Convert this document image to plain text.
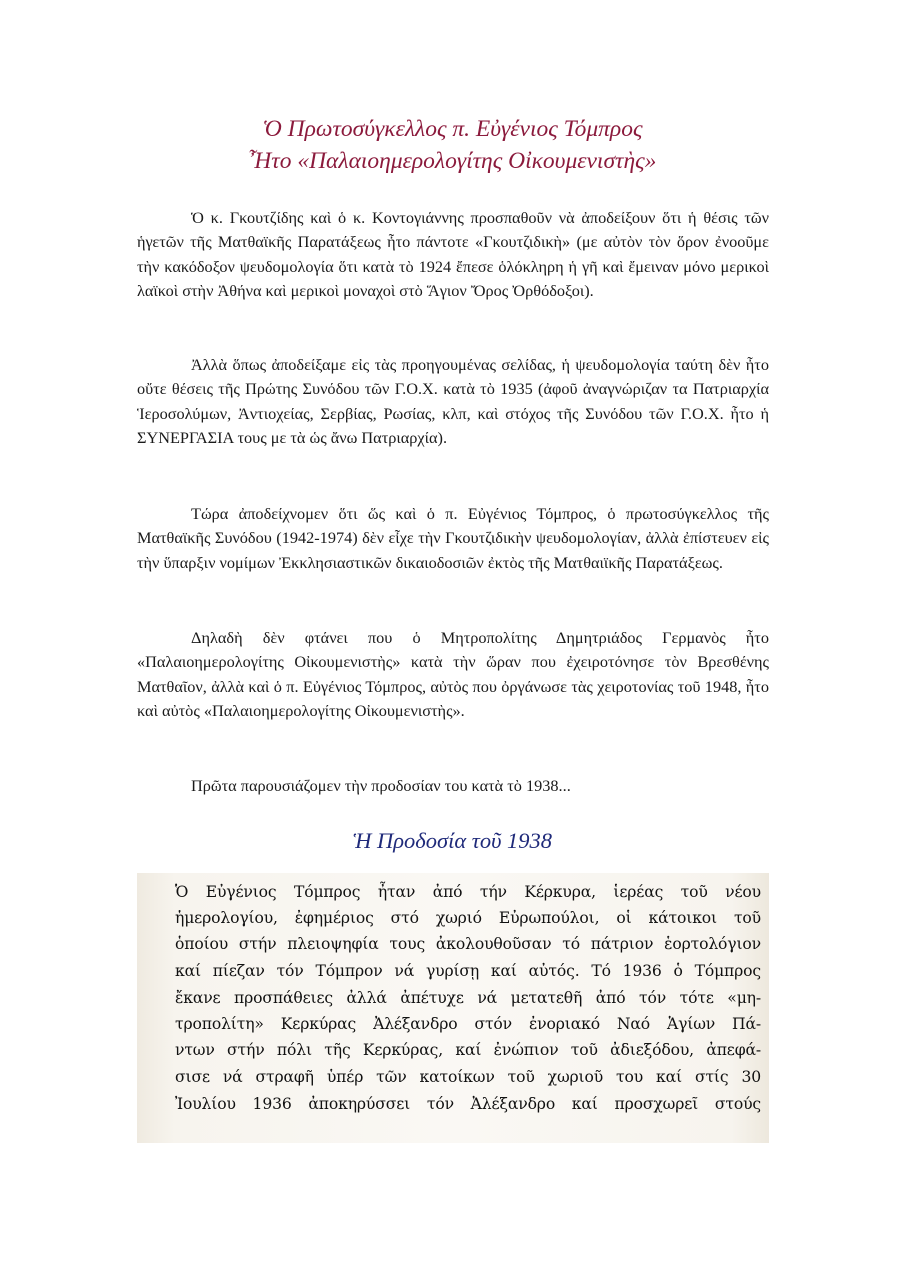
Ὁ Πρωτοσύγκελλος π. Εὐγένιος Τόμπρος
Ἦτο «Παλαιοημερολογίτης Οἰκουμενιστὴς»

Ὁ κ. Γκουτζίδης καὶ ὁ κ. Κοντογιάννης προσπαθοῦν νὰ ἀποδείξουν ὅτι ἡ θέσις τῶν ἡγετῶν τῆς Ματθαϊκῆς Παρατάξεως ἦτο πάντοτε «Γκουτζιδικὴ» (με αὐτὸν τὸν ὅρον ἐνοοῦμε τὴν κακόδοξον ψευδομολογία ὅτι κατὰ τὸ 1924 ἔπεσε ὁλόκληρη ἡ γῆ καὶ ἔμειναν μόνο μερικοὶ λαϊκοὶ στὴν Ἀθήνα καὶ μερικοὶ μοναχοὶ στὸ Ἅγιον Ὄρος Ὀρθόδοξοι).

Ἀλλὰ ὅπως ἀποδείξαμε εἰς τὰς προηγουμένας σελίδας, ἡ ψευδομολογία ταύτη δὲν ἦτο οὔτε θέσεις τῆς Πρώτης Συνόδου τῶν Γ.Ο.Χ. κατὰ τὸ 1935 (ἀφοῦ ἀναγνώριζαν τα Πατριαρχία Ἱεροσολύμων, Ἀντιοχείας, Σερβίας, Ρωσίας, κλπ, καὶ στόχος τῆς Συνόδου τῶν Γ.Ο.Χ. ἦτο ἡ ΣΥΝΕΡΓΑΣΙΑ τους με τὰ ὡς ἄνω Πατριαρχία).

Τώρα ἀποδείχνομεν ὅτι ὥς καὶ ὁ π. Εὐγένιος Τόμπρος, ὁ πρωτοσύγκελλος τῆς Ματθαϊκῆς Συνόδου (1942-1974) δὲν εἶχε τὴν Γκουτζιδικὴν ψευδομολογίαν, ἀλλὰ ἐπίστευεν εἰς τὴν ὕπαρξιν νομίμων Ἐκκλησιαστικῶν δικαιοδοσιῶν ἐκτὸς τῆς Ματθαιϊκῆς Παρατάξεως.

Δηλαδὴ δὲν φτάνει που ὁ Μητροπολίτης Δημητριάδος Γερμανὸς ἦτο «Παλαιοημερολογίτης Οἰκουμενιστὴς» κατὰ τὴν ὥραν που ἐχειροτόνησε τὸν Βρεσθένης Ματθαῖον, ἀλλὰ καὶ ὁ π. Εὐγένιος Τόμπρος, αὐτὸς που ὀργάνωσε τὰς χειροτονίας τοῦ 1948, ἦτο καὶ αὐτὸς «Παλαιοημερολογίτης Οἰκουμενιστὴς».

Πρῶτα παρουσιάζομεν τὴν προδοσίαν του κατὰ τὸ 1938...

Ἡ Προδοσία τοῦ 1938
Ὁ Εὐγένιος Τόμπρος ἦταν ἀπό τήν Κέρκυρα, ἱερέας τοῦ νέου
ἡμερολογίου, ἐφημέριος στό χωριό Εὐρωπούλοι, οἱ κάτοικοι τοῦ
ὁποίου στήν πλειοψηφία τους ἀκολουθοῦσαν τό πάτριον ἑορτολόγιον
καί πίεζαν τόν Τόμπρον νά γυρίσῃ καί αὐτός. Τό 1936 ὁ Τόμπρος
ἔκανε προσπάθειες ἀλλά ἀπέτυχε νά μετατεθῆ ἀπό τόν τότε «μη-
τροπολίτη» Κερκύρας Ἀλέξανδρο στόν ἐνοριακό Ναό Ἁγίων Πά-
ντων στήν πόλι τῆς Κερκύρας, καί ἐνώπιον τοῦ ἀδιεξόδου, ἀπεφά-
σισε νά στραφῆ ὑπέρ τῶν κατοίκων τοῦ χωριοῦ του καί στίς 30
Ἰουλίου 1936 ἀποκηρύσσει τόν Ἀλέξανδρο καί προσχωρεῖ στούς
